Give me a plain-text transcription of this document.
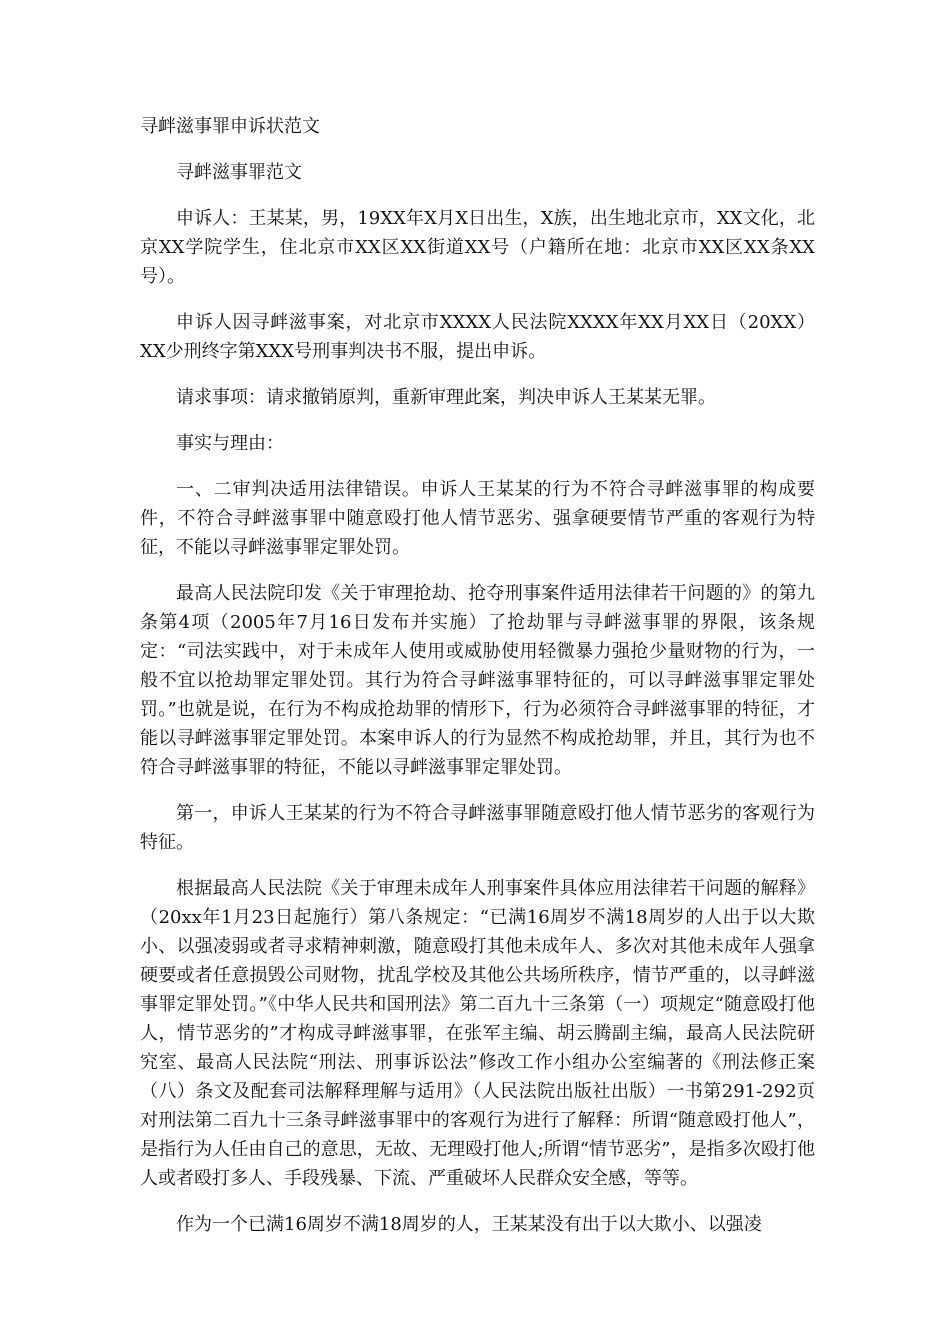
寻衅滋事罪申诉状范文

寻衅滋事罪范文

申诉人：王某某，男，19XX年X月X日出生，X族，出生地北京市，XX文化，北京XX学院学生，住北京市XX区XX街道XX号（户籍所在地：北京市XX区XX条XX号）。

申诉人因寻衅滋事案，对北京市XXXX人民法院XXXX年XX月XX日（20XX）XX少刑终字第XXX号刑事判决书不服，提出申诉。

请求事项：请求撤销原判，重新审理此案，判决申诉人王某某无罪。

事实与理由：

一、二审判决适用法律错误。申诉人王某某的行为不符合寻衅滋事罪的构成要件，不符合寻衅滋事罪中随意殴打他人情节恶劣、强拿硬要情节严重的客观行为特征，不能以寻衅滋事罪定罪处罚。

最高人民法院印发《关于审理抢劫、抢夺刑事案件适用法律若干问题的》的第九条第4项（2005年7月16日发布并实施）了抢劫罪与寻衅滋事罪的界限，该条规定：“司法实践中，对于未成年人使用或威胁使用轻微暴力强抢少量财物的行为，一般不宜以抢劫罪定罪处罚。其行为符合寻衅滋事罪特征的，可以寻衅滋事罪定罪处罚。”也就是说，在行为不构成抢劫罪的情形下，行为必须符合寻衅滋事罪的特征，才能以寻衅滋事罪定罪处罚。本案申诉人的行为显然不构成抢劫罪，并且，其行为也不符合寻衅滋事罪的特征，不能以寻衅滋事罪定罪处罚。

第一，申诉人王某某的行为不符合寻衅滋事罪随意殴打他人情节恶劣的客观行为特征。

根据最高人民法院《关于审理未成年人刑事案件具体应用法律若干问题的解释》（20xx年1月23日起施行）第八条规定：“已满16周岁不满18周岁的人出于以大欺小、以强凌弱或者寻求精神刺激，随意殴打其他未成年人、多次对其他未成年人强拿硬要或者任意损毁公司财物，扰乱学校及其他公共场所秩序，情节严重的，以寻衅滋事罪定罪处罚。”《中华人民共和国刑法》第二百九十三条第（一）项规定“随意殴打他人，情节恶劣的”才构成寻衅滋事罪，在张军主编、胡云腾副主编，最高人民法院研究室、最高人民法院“刑法、刑事诉讼法”修改工作小组办公室编著的《刑法修正案（八）条文及配套司法解释理解与适用》（人民法院出版社出版）一书第291-292页对刑法第二百九十三条寻衅滋事罪中的客观行为进行了解释：所谓“随意殴打他人”，是指行为人任由自己的意思，无故、无理殴打他人;所谓“情节恶劣”，是指多次殴打他人或者殴打多人、手段残暴、下流、严重破坏人民群众安全感，等等。

作为一个已满16周岁不满18周岁的人，王某某没有出于以大欺小、以强凌
